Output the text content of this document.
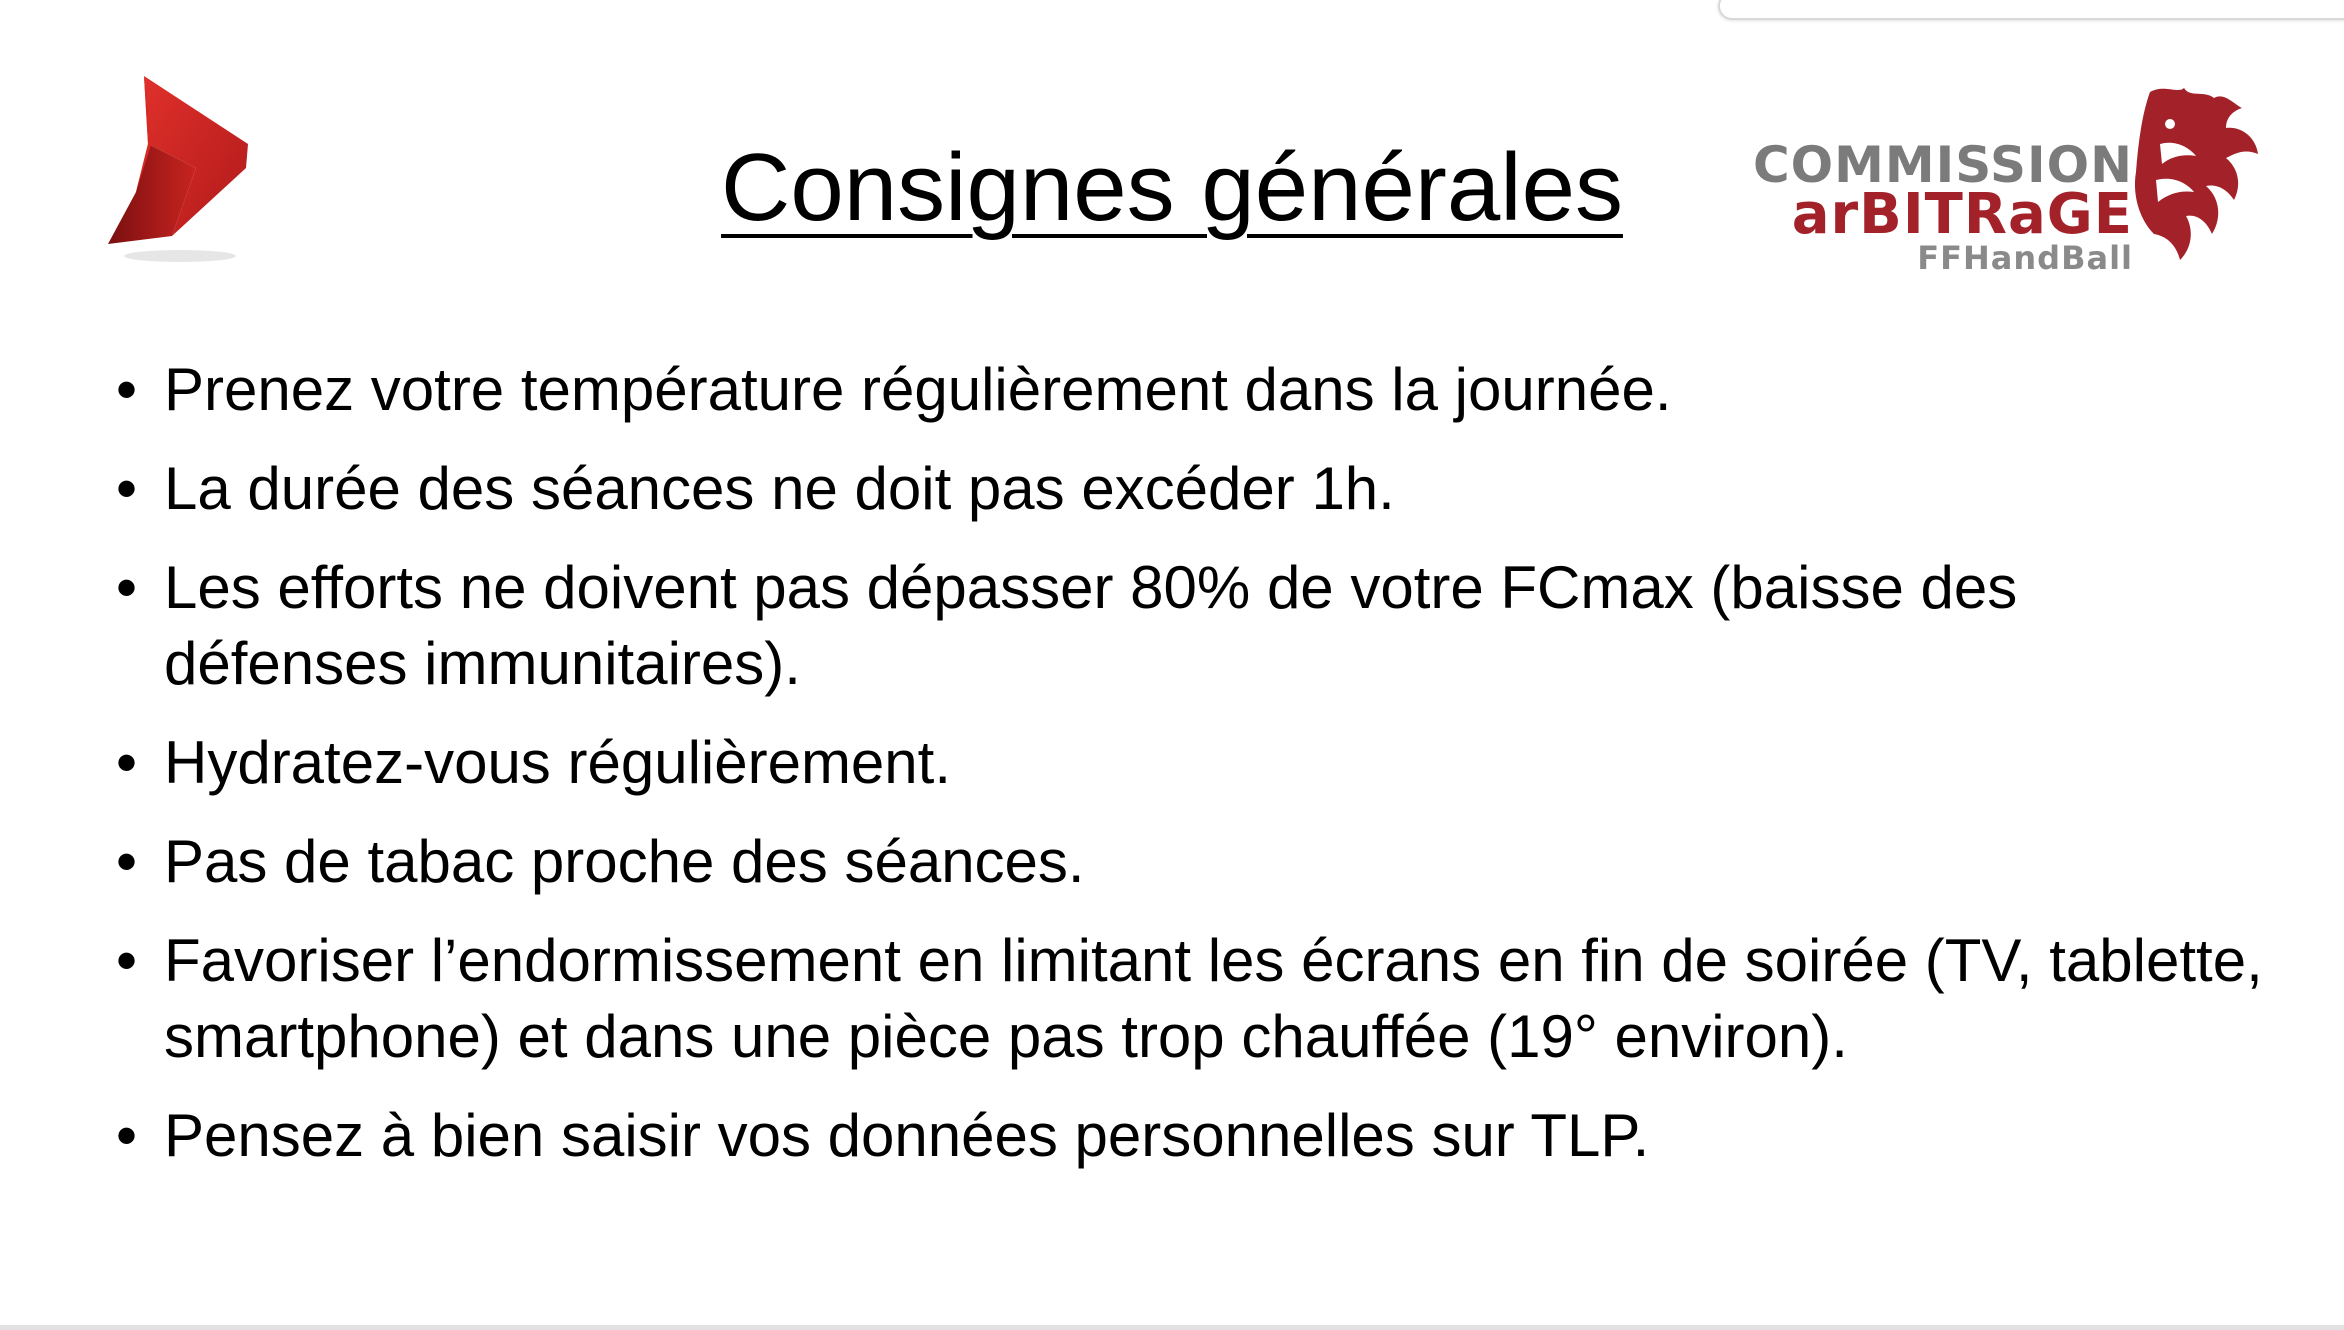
Consignes générales	COMMISSION
arBITRaGE
FFHandBall
• Prenez votre température régulièrement dans la journée.
• La durée des séances ne doit pas excéder 1h.
• Les efforts ne doivent pas dépasser 80% de votre FCmax (baisse des défenses immunitaires).
• Hydratez-vous régulièrement.
• Pas de tabac proche des séances.
• Favoriser l’endormissement en limitant les écrans en fin de soirée (TV, tablette, smartphone) et dans une pièce pas trop chauffée (19° environ).
• Pensez à bien saisir vos données personnelles sur TLP.
